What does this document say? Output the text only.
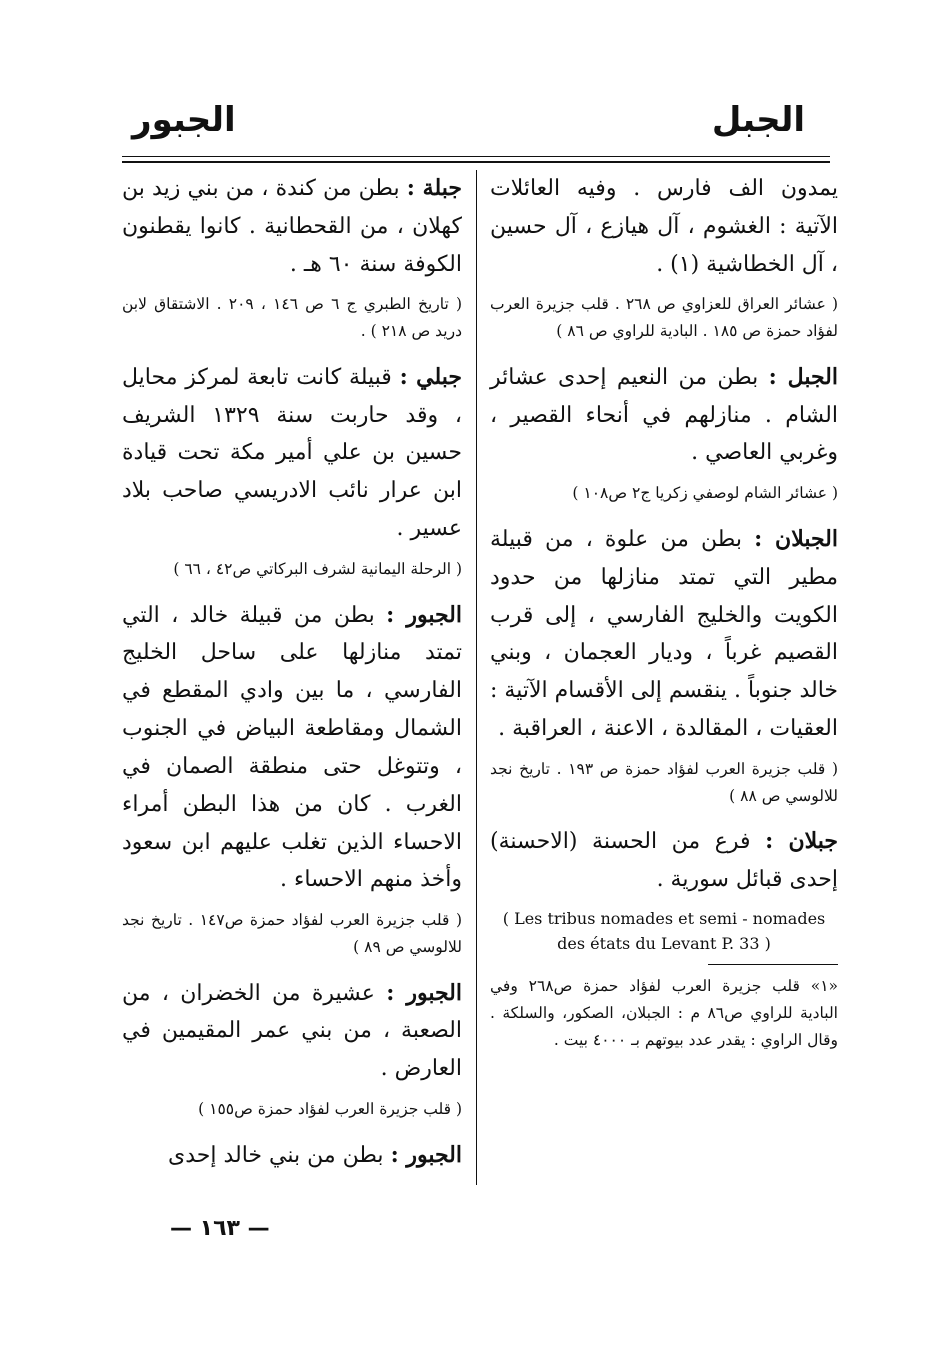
الجبل
الجبور

يمدون الف فارس . وفيه العائلات الآتية : الغشوم ، آل هيازع ، آل حسين ، آل الخطاشية (١) .

( عشائر العراق للعزاوي ص ٢٦٨ . قلب جزيرة العرب لفؤاد حمزة ص ١٨٥ . البادية للراوي ص ٨٦ )

الجبل : بطن من النعيم إحدى عشائر الشام . منازلهم في أنحاء القصير ، وغربي العاصي .

( عشائر الشام لوصفي زكريا ج٢ ص١٠٨ )

الجبلان : بطن من علوة ، من قبيلة مطير التي تمتد منازلها من حدود الكويت والخليج الفارسي ، إلى قرب القصيم غرباً ، وديار العجمان ، وبني خالد جنوباً . ينقسم إلى الأقسام الآتية : العقيات ، المقالدة ، الاعنة ، العراقبة .

( قلب جزيرة العرب لفؤاد حمزة ص ١٩٣ . تاريخ نجد للالوسي ص ٨٨ )

جبلان : فرع من الحسنة (الاحسنة) إحدى قبائل سورية .

( Les tribus nomades et semi - nomades des états du Levant P. 33 )

«١» قلب جزيرة العرب لفؤاد حمزة ص٢٦٨ وفي البادية للراوي ص٨٦ م : الجبلان، الصكور، والسلكة . وقال الراوي : يقدر عدد بيوتهم بـ ٤٠٠٠ بيت .

جبلة : بطن من كندة ، من بني زيد بن كهلان ، من القحطانية . كانوا يقطنون الكوفة سنة ٦٠ هـ .

( تاريخ الطبري ج ٦ ص ١٤٦ ، ٢٠٩ . الاشتقاق لابن دريد ص ٢١٨ ) .

جبلي : قبيلة كانت تابعة لمركز محايل ، وقد حاربت سنة ١٣٢٩ الشريف حسين بن علي أمير مكة تحت قيادة ابن عرار نائب الادريسي صاحب بلاد عسير .

( الرحلة اليمانية لشرف البركاتي ص٤٢ ، ٦٦ )

الجبور : بطن من قبيلة خالد ، التي تمتد منازلها على ساحل الخليج الفارسي ، ما بين وادي المقطع في الشمال ومقاطعة البياض في الجنوب ، وتتوغل حتى منطقة الصمان في الغرب . كان من هذا البطن أمراء الاحساء الذين تغلب عليهم ابن سعود وأخذ منهم الاحساء .

( قلب جزيرة العرب لفؤاد حمزة ص١٤٧ . تاريخ نجد للالوسي ص ٨٩ )

الجبور : عشيرة من الخضران ، من الصعبة ، من بني عمر المقيمين في العارض .

( قلب جزيرة العرب لفؤاد حمزة ص١٥٥ )

الجبور : بطن من بني خالد إحدى

— ١٦٣ —
